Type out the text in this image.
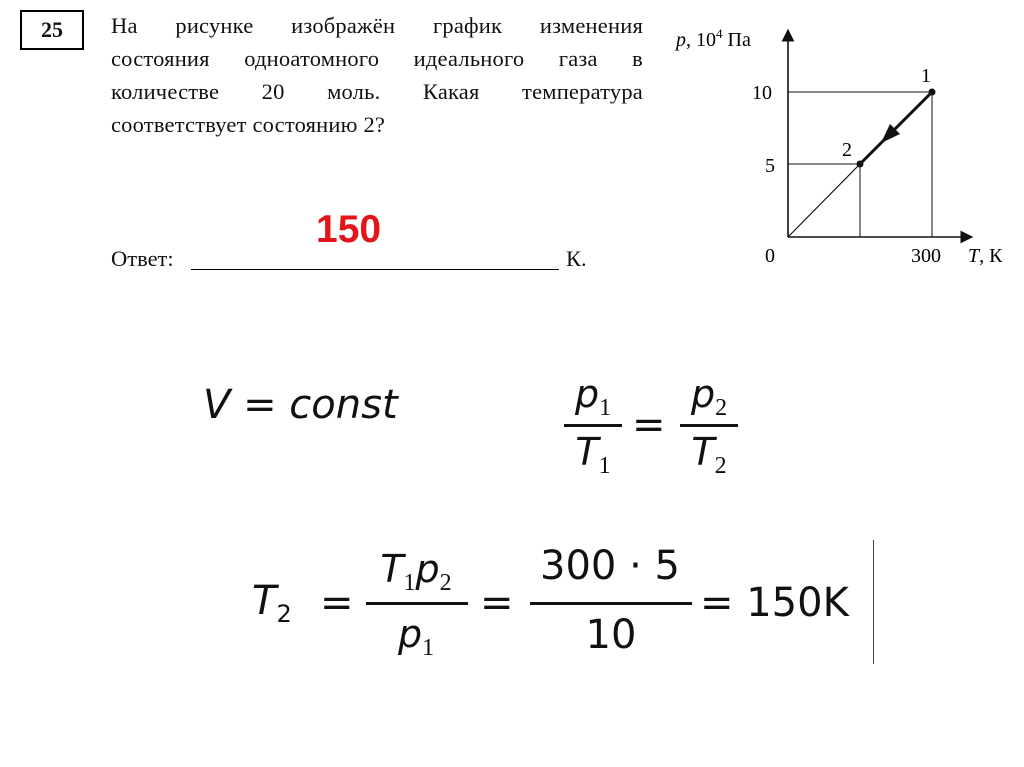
25 На рисунке изображён график изменения
состояния одноатомного идеального газа в
количестве 20 моль. Какая температура
соответствует состоянию 2?
Ответ:	К.
150
1
2
10
5
0	300
p, $10^4$ Па
T, К
V = const	$p_1$
$T_1$
=
$p_2$
$T_2$
$T_2$ =
$T_1p_2$
$p_1$
=
300 · 5
10
= 150K
